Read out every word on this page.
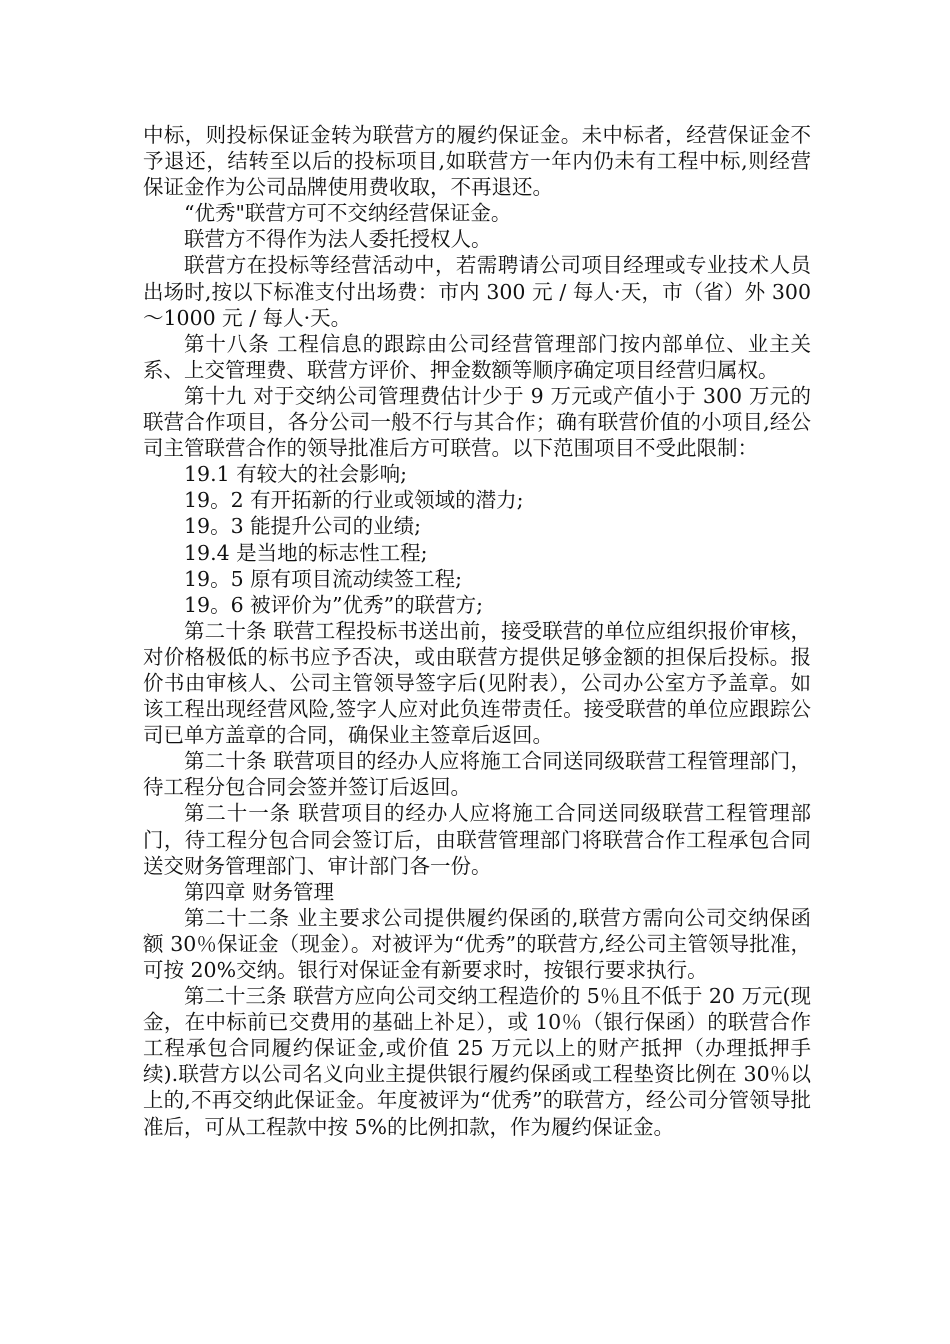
中标，则投标保证金转为联营方的履约保证金。未中标者，经营保证金不予退还，结转至以后的投标项目,如联营方一年内仍未有工程中标,则经营保证金作为公司品牌使用费收取，不再退还。

“优秀"联营方可不交纳经营保证金。

联营方不得作为法人委托授权人。

联营方在投标等经营活动中，若需聘请公司项目经理或专业技术人员出场时,按以下标准支付出场费：市内 300 元 / 每人·天，市（省）外 300～1000 元 / 每人·天。

第十八条 工程信息的跟踪由公司经营管理部门按内部单位、业主关系、上交管理费、联营方评价、押金数额等顺序确定项目经营归属权。

第十九 对于交纳公司管理费估计少于 9 万元或产值小于 300 万元的联营合作项目，各分公司一般不行与其合作；确有联营价值的小项目,经公司主管联营合作的领导批准后方可联营。以下范围项目不受此限制：

19.1 有较大的社会影响;

19。2 有开拓新的行业或领域的潜力;

19。3 能提升公司的业绩;

19.4 是当地的标志性工程;

19。5 原有项目流动续签工程;

19。6 被评价为”优秀”的联营方;

第二十条 联营工程投标书送出前，接受联营的单位应组织报价审核，对价格极低的标书应予否决，或由联营方提供足够金额的担保后投标。报价书由审核人、公司主管领导签字后(见附表），公司办公室方予盖章。如该工程出现经营风险,签字人应对此负连带责任。接受联营的单位应跟踪公司已单方盖章的合同，确保业主签章后返回。

第二十条 联营项目的经办人应将施工合同送同级联营工程管理部门，待工程分包合同会签并签订后返回。

第二十一条 联营项目的经办人应将施工合同送同级联营工程管理部门，待工程分包合同会签订后，由联营管理部门将联营合作工程承包合同送交财务管理部门、审计部门各一份。

第四章 财务管理

第二十二条 业主要求公司提供履约保函的,联营方需向公司交纳保函额 30％保证金（现金）。对被评为“优秀”的联营方,经公司主管领导批准，可按 20%交纳。银行对保证金有新要求时，按银行要求执行。

第二十三条 联营方应向公司交纳工程造价的 5％且不低于 20 万元(现金，在中标前已交费用的基础上补足），或 10％（银行保函）的联营合作工程承包合同履约保证金,或价值 25 万元以上的财产抵押（办理抵押手续).联营方以公司名义向业主提供银行履约保函或工程垫资比例在 30％以上的,不再交纳此保证金。年度被评为“优秀”的联营方，经公司分管领导批准后，可从工程款中按 5%的比例扣款，作为履约保证金。
